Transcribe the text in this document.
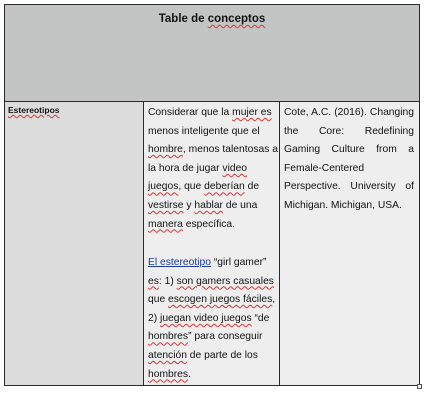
Table de conceptos
Estereotipos	Considerar que la mujer es menos inteligente que el hombre, menos talentosas a la hora de jugar video juegos, que deberían de vestirse y hablar de una manera específica.
El estereotipo “girl gamer” es: 1) son gamers casuales que escogen juegos fáciles, 2) juegan video juegos “de hombres” para conseguir atención de parte de los hombres.
Cote, A.C. (2016). Changing the Core: Redefining Gaming Culture from a Female-Centered Perspective. University of Michigan. Michigan, USA.
